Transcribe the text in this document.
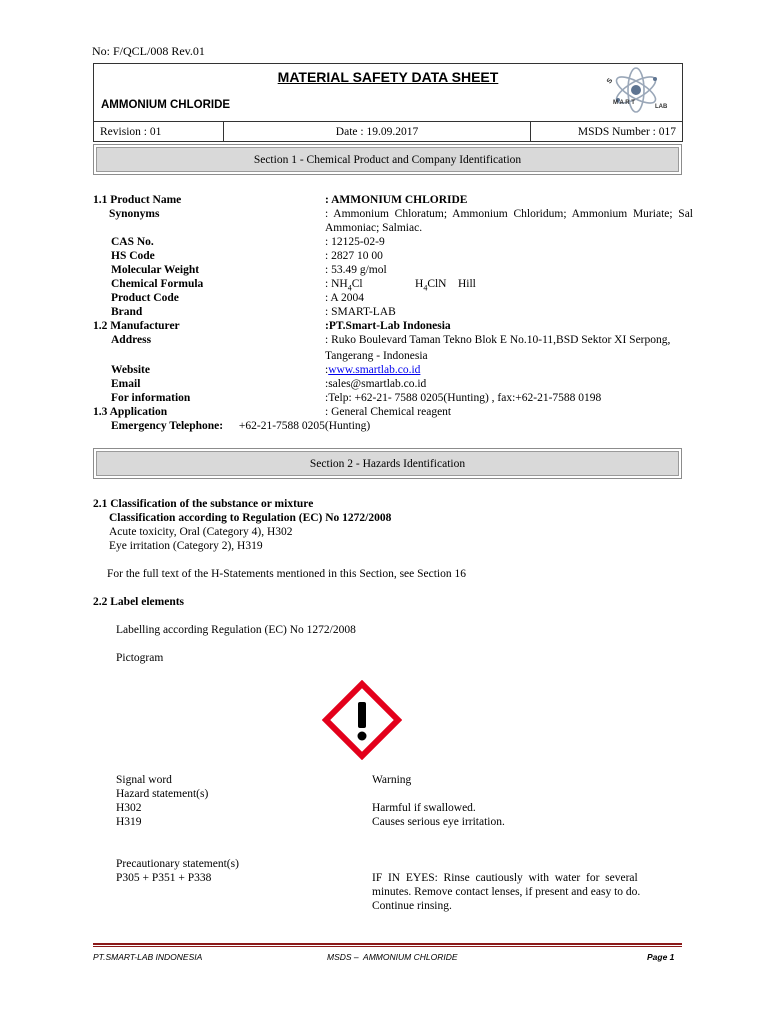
No: F/QCL/008 Rev.01
MATERIAL SAFETY DATA SHEET
AMMONIUM CHLORIDE
S
M A R T
LAB
Revision : 01	Date : 19.09.2017	MSDS Number : 017
Section 1 - Chemical Product and Company Identification
1.1 Product Name	: AMMONIUM CHLORIDE
Synonyms	:  Ammonium  Chloratum;  Ammonium  Chloridum;  Ammonium  Muriate;  Sal
Ammoniac; Salmiac.
CAS No.	: 12125-02-9
HS Code	: 2827 10 00
Molecular Weight	: 53.49 g/mol
Chemical Formula	: $NH_4Cl$	$H_4ClN$    Hill
Product Code	: A 2004
Brand	: SMART-LAB
1.2 Manufacturer	:PT.Smart-Lab Indonesia
Address	: Ruko Boulevard Taman Tekno Blok E No.10-11,BSD Sektor XI Serpong,
Tangerang - Indonesia
Website	:www.smartlab.co.id
Email	:sales@smartlab.co.id
For information	:Telp: +62-21- 7588 0205(Hunting) , fax:+62-21-7588 0198
1.3 Application	: General Chemical reagent
Emergency Telephone: +62-21-7588 0205(Hunting)
Section 2 - Hazards Identification
2.1 Classification of the substance or mixture
Classification according to Regulation (EC) No 1272/2008
Acute toxicity, Oral (Category 4), H302
Eye irritation (Category 2), H319
For the full text of the H-Statements mentioned in this Section, see Section 16
2.2 Label elements
Labelling according Regulation (EC) No 1272/2008
Pictogram
Signal word	Warning
Hazard statement(s)
H302	Harmful if swallowed.
H319	Causes serious eye irritation.
Precautionary statement(s)
P305 + P351 + P338	IF  IN  EYES:  Rinse  cautiously  with  water  for  several
minutes. Remove contact lenses, if present and easy to do.
Continue rinsing.
PT.SMART-LAB INDONESIA	MSDS –  AMMONIUM CHLORIDE	Page 1
